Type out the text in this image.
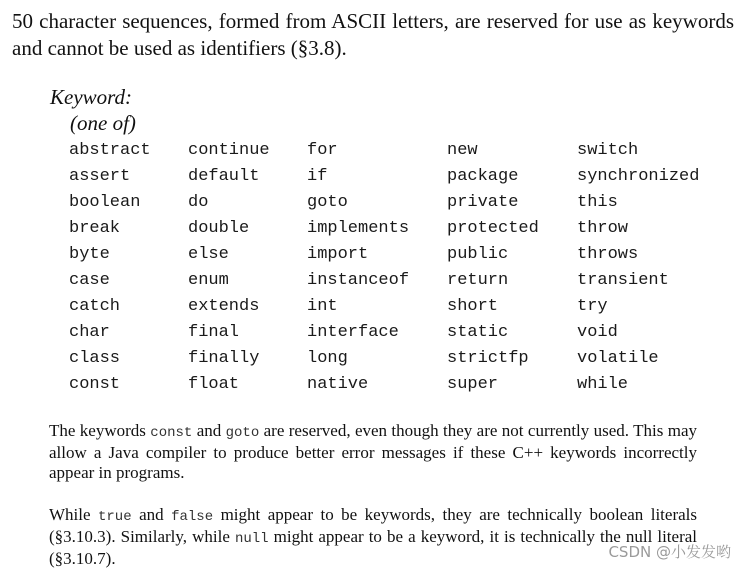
50 character sequences, formed from ASCII letters, are reserved for use as keywords and cannot be used as identifiers (§3.8).

Keyword:
(one of)
abstract	continue	for	new	switch
assert	default	if	package	synchronized
boolean	do	goto	private	this
break	double	implements	protected	throw
byte	else	import	public	throws
case	enum	instanceof	return	transient
catch	extends	int	short	try
char	final	interface	static	void
class	finally	long	strictfp	volatile
const	float	native	super	while

The keywords const and goto are reserved, even though they are not currently used. This may allow a Java compiler to produce better error messages if these C++ keywords incorrectly appear in programs.

While true and false might appear to be keywords, they are technically boolean literals (§3.10.3). Similarly, while null might appear to be a keyword, it is technically the null literal (§3.10.7).	CSDN @小发发哟
